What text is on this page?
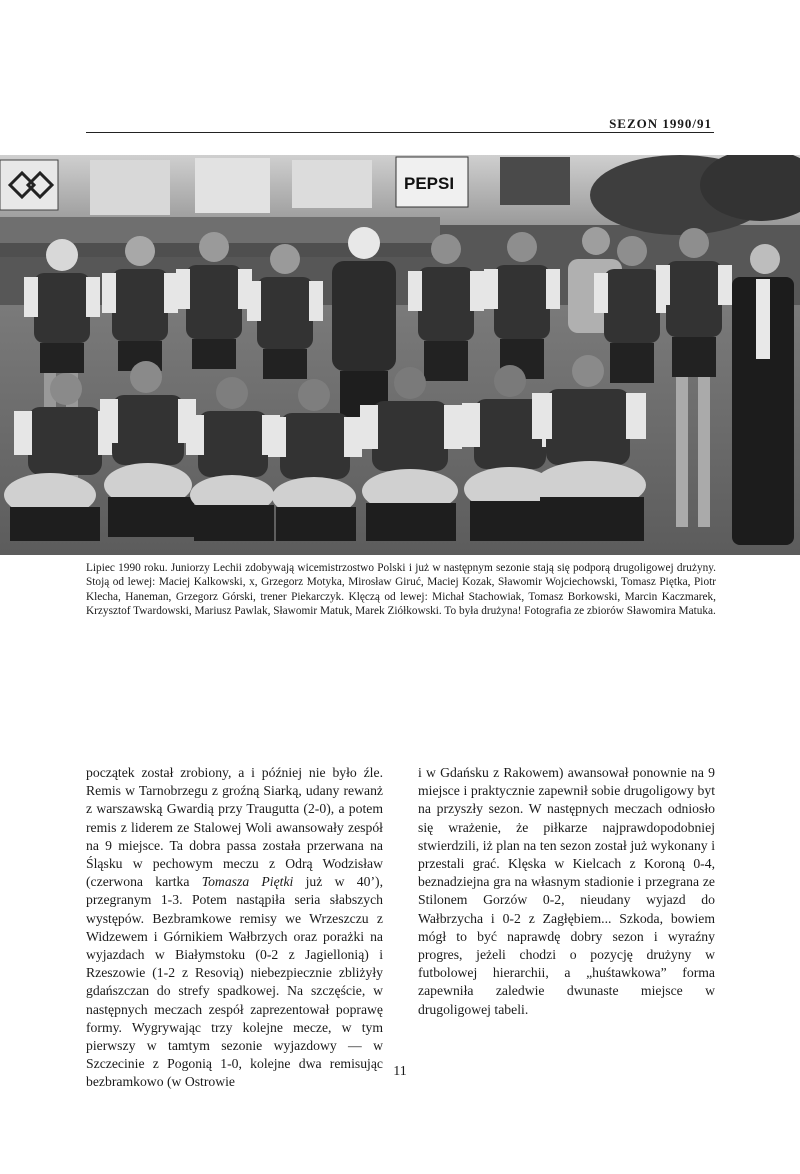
SEZON 1990/91
PEPSI
Lipiec 1990 roku. Juniorzy Lechii zdobywają wicemistrzostwo Polski i już w następnym sezonie stają się podporą drugoligowej drużyny. Stoją od lewej: Maciej Kalkowski, x, Grzegorz Motyka, Mirosław Giruć, Maciej Kozak, Sławomir Wojciechowski, Tomasz Piętka, Piotr Klecha, Haneman, Grzegorz Górski, trener Piekarczyk. Klęczą od lewej: Michał Stachowiak, Tomasz Borkowski, Marcin Kaczmarek, Krzysztof Twardowski, Mariusz Pawlak, Sławomir Matuk, Marek Ziółkowski. To była drużyna! Fotografia ze zbiorów Sławomira Matuka.
początek został zrobiony, a i później nie było źle. Remis w Tarnobrzegu z groźną Siarką, udany rewanż z warszawską Gwardią przy Traugutta (2-0), a potem remis z liderem ze Stalowej Woli awansowały zespół na 9 miejsce. Ta dobra passa została przerwana na Śląsku w pechowym meczu z Odrą Wodzisław (czerwona kartka Tomasza Piętki już w 40’), przegranym 1-3. Potem nastąpiła seria słabszych występów. Bezbramkowe remisy we Wrzeszczu z Widzewem i Górnikiem Wałbrzych oraz porażki na wyjazdach w Białymstoku (0-2 z Jagiellonią) i Rzeszowie (1-2 z Resovią) niebezpiecznie zbliżyły gdańszczan do strefy spadkowej. Na szczęście, w następnych meczach zespół zaprezentował poprawę formy. Wygrywając trzy kolejne mecze, w tym pierwszy w tamtym sezonie wyjazdowy — w Szczecinie z Pogonią 1-0, kolejne dwa remisując bezbramkowo (w Ostrowie
i w Gdańsku z Rakowem) awansował ponownie na 9 miejsce i praktycznie zapewnił sobie drugoligowy byt na przyszły sezon. W następnych meczach odniosło się wrażenie, że piłkarze najprawdopodobniej stwierdzili, iż plan na ten sezon został już wykonany i przestali grać. Klęska w Kielcach z Koroną 0-4, beznadziejna gra na własnym stadionie i przegrana ze Stilonem Gorzów 0-2, nieudany wyjazd do Wałbrzycha i 0-2 z Zagłębiem... Szkoda, bowiem mógł to być naprawdę dobry sezon i wyraźny progres, jeżeli chodzi o pozycję drużyny w futbolowej hierarchii, a „huśtawkowa” forma zapewniła zaledwie dwunaste miejsce w drugoligowej tabeli.
11
